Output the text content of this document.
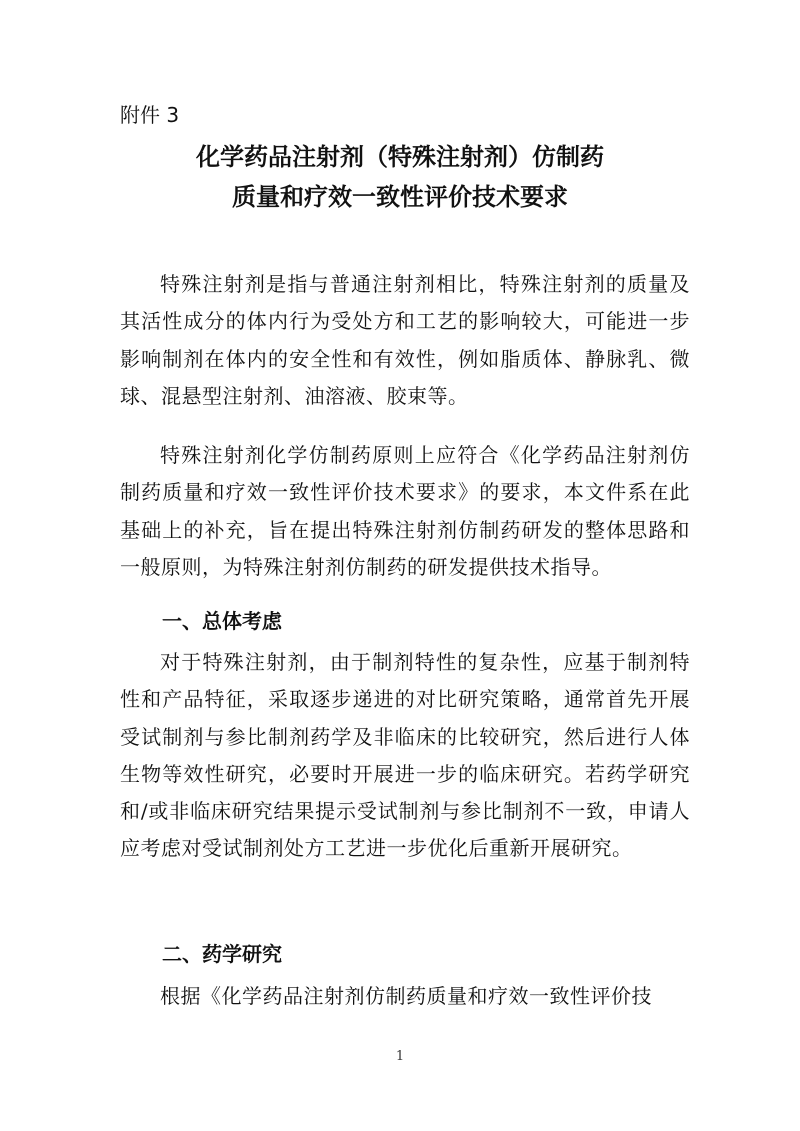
附件 3
化学药品注射剂（特殊注射剂）仿制药
质量和疗效一致性评价技术要求
特殊注射剂是指与普通注射剂相比，特殊注射剂的质量及其活性成分的体内行为受处方和工艺的影响较大，可能进一步影响制剂在体内的安全性和有效性，例如脂质体、静脉乳、微球、混悬型注射剂、油溶液、胶束等。
特殊注射剂化学仿制药原则上应符合《化学药品注射剂仿制药质量和疗效一致性评价技术要求》的要求，本文件系在此基础上的补充，旨在提出特殊注射剂仿制药研发的整体思路和一般原则，为特殊注射剂仿制药的研发提供技术指导。
一、总体考虑
对于特殊注射剂，由于制剂特性的复杂性，应基于制剂特性和产品特征，采取逐步递进的对比研究策略，通常首先开展受试制剂与参比制剂药学及非临床的比较研究，然后进行人体生物等效性研究，必要时开展进一步的临床研究。若药学研究和/或非临床研究结果提示受试制剂与参比制剂不一致，申请人应考虑对受试制剂处方工艺进一步优化后重新开展研究。
二、药学研究
根据《化学药品注射剂仿制药质量和疗效一致性评价技
1
